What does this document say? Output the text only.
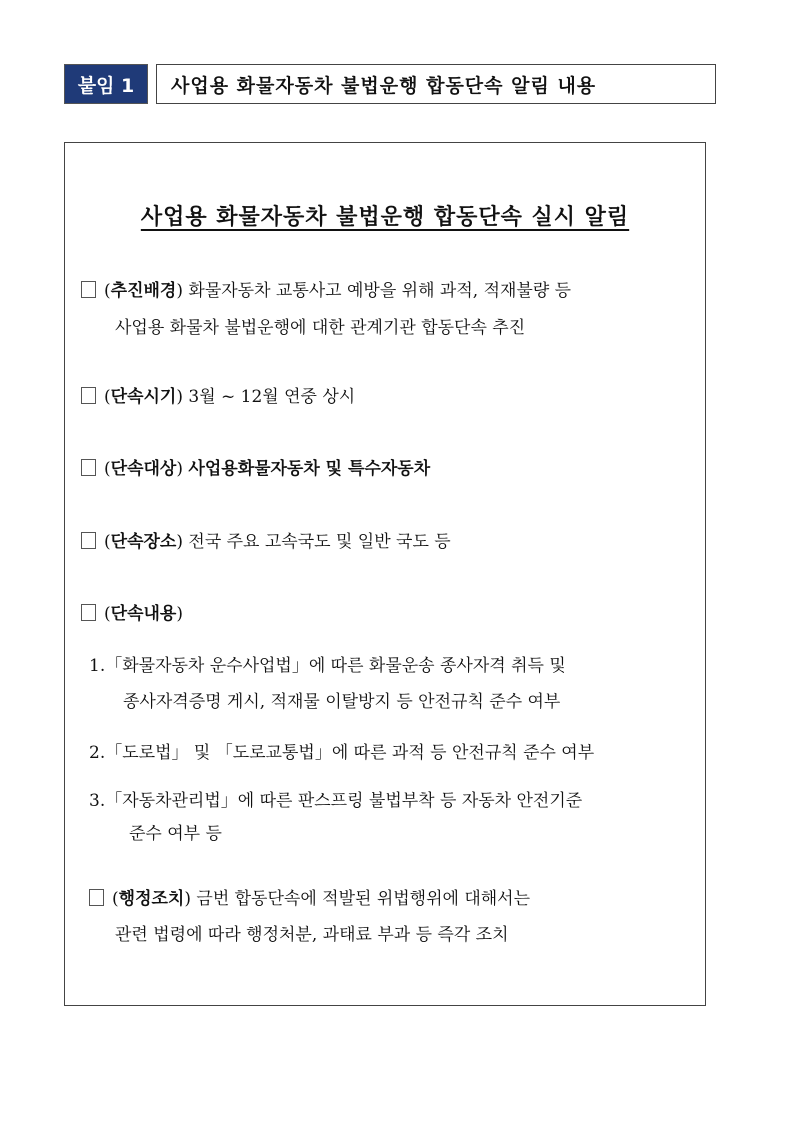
붙임 1	사업용 화물자동차 불법운행 합동단속 알림 내용
사업용 화물자동차 불법운행 합동단속 실시 알림
(추진배경) 화물자동차 교통사고 예방을 위해 과적, 적재불량 등
사업용 화물차 불법운행에 대한 관계기관 합동단속 추진
(단속시기) 3월 ~ 12월 연중 상시
(단속대상) 사업용화물자동차 및 특수자동차
(단속장소) 전국 주요 고속국도 및 일반 국도 등
(단속내용)
1.「화물자동차 운수사업법」에 따른 화물운송 종사자격 취득 및
종사자격증명 게시, 적재물 이탈방지 등 안전규칙 준수 여부
2.「도로법」 및 「도로교통법」에 따른 과적 등 안전규칙 준수 여부
3.「자동차관리법」에 따른 판스프링 불법부착 등 자동차 안전기준
준수 여부 등
(행정조치) 금번 합동단속에 적발된 위법행위에 대해서는
관련 법령에 따라 행정처분, 과태료 부과 등 즉각 조치
